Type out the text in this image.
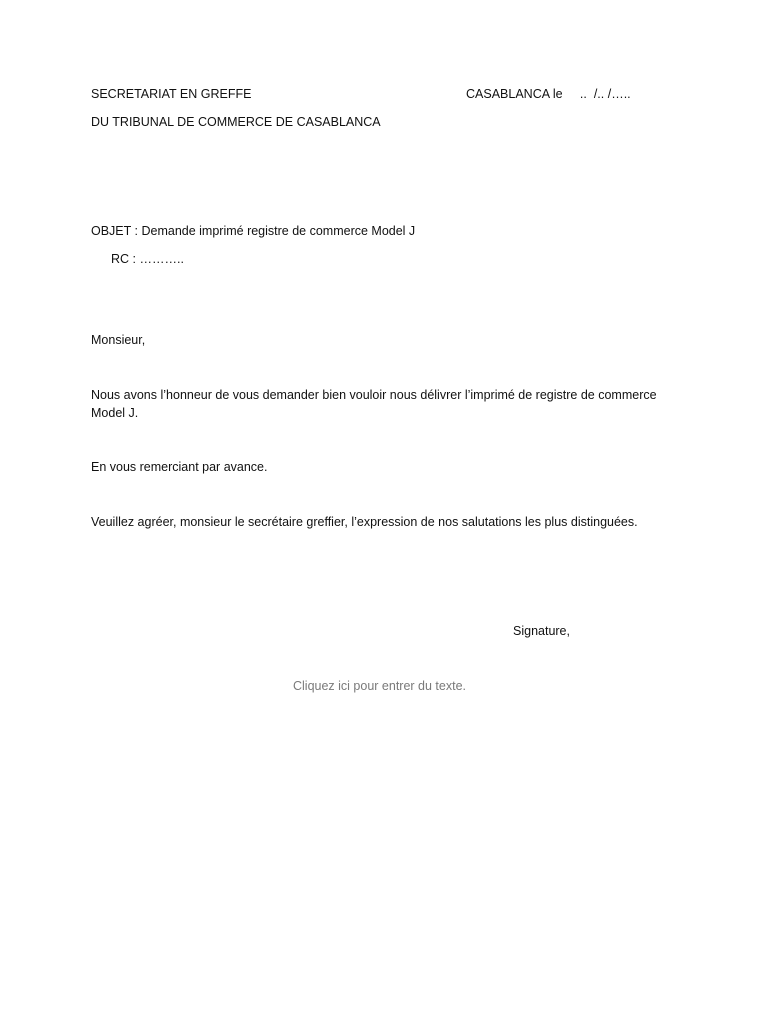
SECRETARIAT EN GREFFE	CASABLANCA le     ..  /.. /…..
DU TRIBUNAL DE COMMERCE DE CASABLANCA
OBJET : Demande imprimé registre de commerce Model J
RC : ………..
Monsieur,
Nous avons l’honneur de vous demander bien vouloir nous délivrer l’imprimé de registre de commerce Model J.
En vous remerciant par avance.
Veuillez agréer, monsieur le secrétaire greffier, l’expression de nos salutations les plus distinguées.
Signature,
Cliquez ici pour entrer du texte.
